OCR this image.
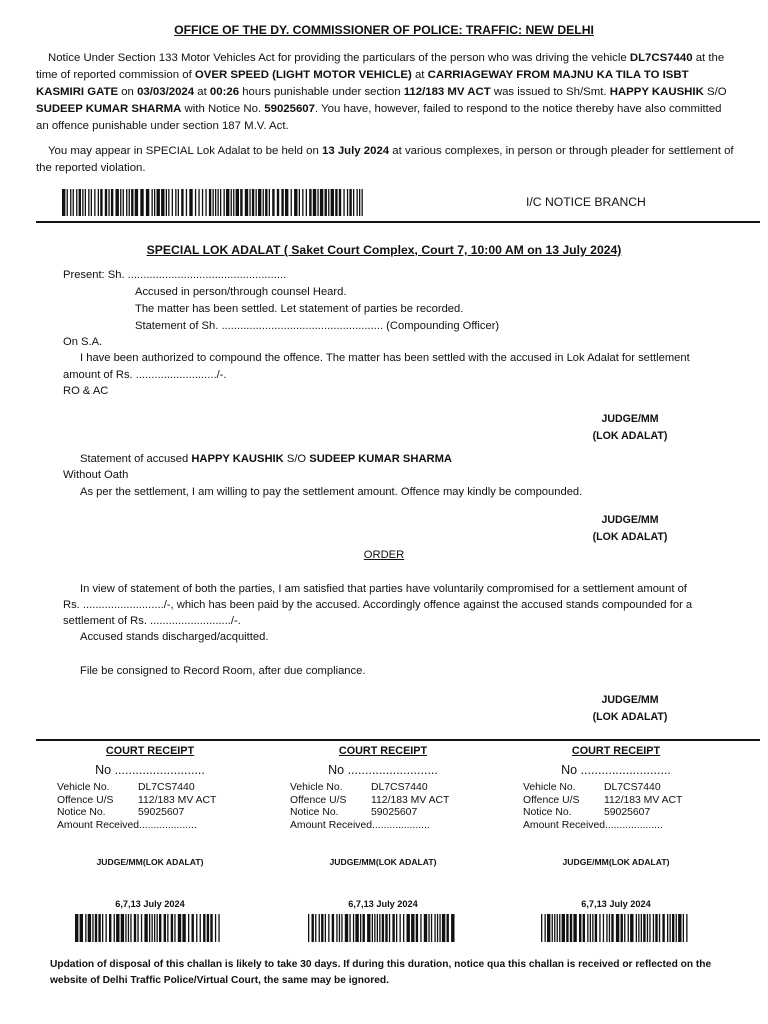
OFFICE OF THE DY. COMMISSIONER OF POLICE: TRAFFIC: NEW DELHI
Notice Under Section 133 Motor Vehicles Act for providing the particulars of the person who was driving the vehicle DL7CS7440 at the time of reported commission of OVER SPEED (LIGHT MOTOR VEHICLE) at CARRIAGEWAY FROM MAJNU KA TILA TO ISBT KASMIRI GATE on 03/03/2024 at 00:26 hours punishable under section 112/183 MV ACT was issued to Sh/Smt. HAPPY KAUSHIK S/O SUDEEP KUMAR SHARMA with Notice No. 59025607. You have, however, failed to respond to the notice thereby have also committed an offence punishable under section 187 M.V. Act.
You may appear in SPECIAL Lok Adalat to be held on 13 July 2024 at various complexes, in person or through pleader for settlement of the reported violation.
I/C NOTICE BRANCH
SPECIAL LOK ADALAT ( Saket Court Complex, Court 7, 10:00 AM on 13 July 2024)
Present: Sh. ...................................................
Accused in person/through counsel Heard.
The matter has been settled. Let statement of parties be recorded.
Statement of Sh. .................................................... (Compounding Officer)
On S.A.
I have been authorized to compound the offence. The matter has been settled with the accused in Lok Adalat for settlement
amount of Rs. ........................../-.
RO & AC
JUDGE/MM
(LOK ADALAT)
Statement of accused HAPPY KAUSHIK S/O SUDEEP KUMAR SHARMA
Without Oath
As per the settlement, I am willing to pay the settlement amount. Offence may kindly be compounded.
JUDGE/MM
(LOK ADALAT)
ORDER
In view of statement of both the parties, I am satisfied that parties have voluntarily compromised for a settlement amount of
Rs. ........................../-, which has been paid by the accused. Accordingly offence against the accused stands compounded for a
settlement of Rs. ........................../-.
Accused stands discharged/acquitted.
File be consigned to Record Room, after due compliance.
JUDGE/MM
(LOK ADALAT)
COURT RECEIPT
No ..........................
Vehicle No.	DL7CS7440
Offence U/S	112/183 MV ACT
Notice No.	59025607
Amount Received....................
JUDGE/MM(LOK ADALAT)
6,7,13 July 2024
COURT RECEIPT
No ..........................
Vehicle No.	DL7CS7440
Offence U/S	112/183 MV ACT
Notice No.	59025607
Amount Received....................
JUDGE/MM(LOK ADALAT)
6,7,13 July 2024
COURT RECEIPT
No ..........................
Vehicle No.	DL7CS7440
Offence U/S	112/183 MV ACT
Notice No.	59025607
Amount Received....................
JUDGE/MM(LOK ADALAT)
6,7,13 July 2024
Updation of disposal of this challan is likely to take 30 days. If during this duration, notice qua this challan is received or reflected on the website of Delhi Traffic Police/Virtual Court, the same may be ignored.
